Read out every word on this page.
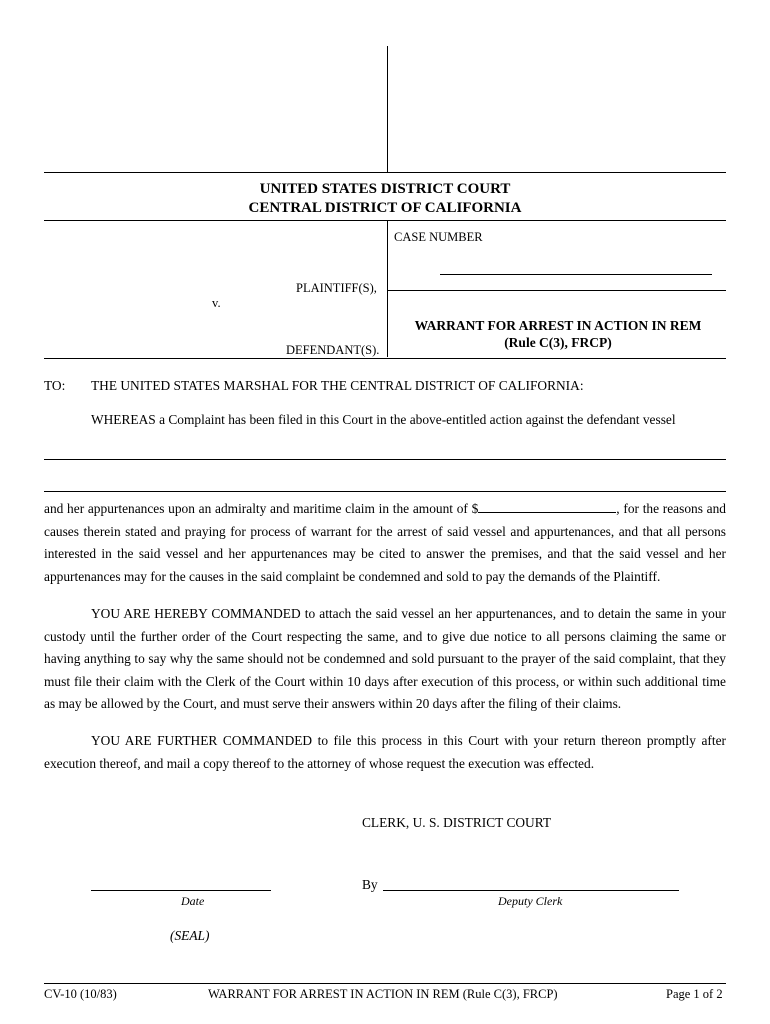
UNITED STATES DISTRICT COURT
CENTRAL DISTRICT OF CALIFORNIA
CASE NUMBER
PLAINTIFF(S),
v.
WARRANT FOR ARREST IN ACTION IN REM
(Rule C(3), FRCP)
DEFENDANT(S).
TO: THE UNITED STATES MARSHAL FOR THE CENTRAL DISTRICT OF CALIFORNIA:
WHEREAS a Complaint has been filed in this Court in the above-entitled action against the defendant vessel

and her appurtenances upon an admiralty and maritime claim in the amount of $	, for the reasons and causes therein stated and praying for process of warrant for the arrest of said vessel and appurtenances, and that all persons interested in the said vessel and her appurtenances may be cited to answer the premises, and that the said vessel and her appurtenances may for the causes in the said complaint be condemned and sold to pay the demands of the Plaintiff.

YOU ARE HEREBY COMMANDED to attach the said vessel an her appurtenances, and to detain the same in your custody until the further order of the Court respecting the same, and to give due notice to all persons claiming the same or having anything to say why the same should not be condemned and sold pursuant to the prayer of the said complaint, that they must file their claim with the Clerk of the Court within 10 days after execution of this process, or within such additional time as may be allowed by the Court, and must serve their answers within 20 days after the filing of their claims.

YOU ARE FURTHER COMMANDED to file this process in this Court with your return thereon promptly after execution thereof, and mail a copy thereof to the attorney of whose request the execution was effected.

CLERK, U. S. DISTRICT COURT
By
Date	Deputy Clerk
(SEAL)
CV-10 (10/83)	WARRANT FOR ARREST IN ACTION IN REM (Rule C(3), FRCP)	Page 1 of 2
